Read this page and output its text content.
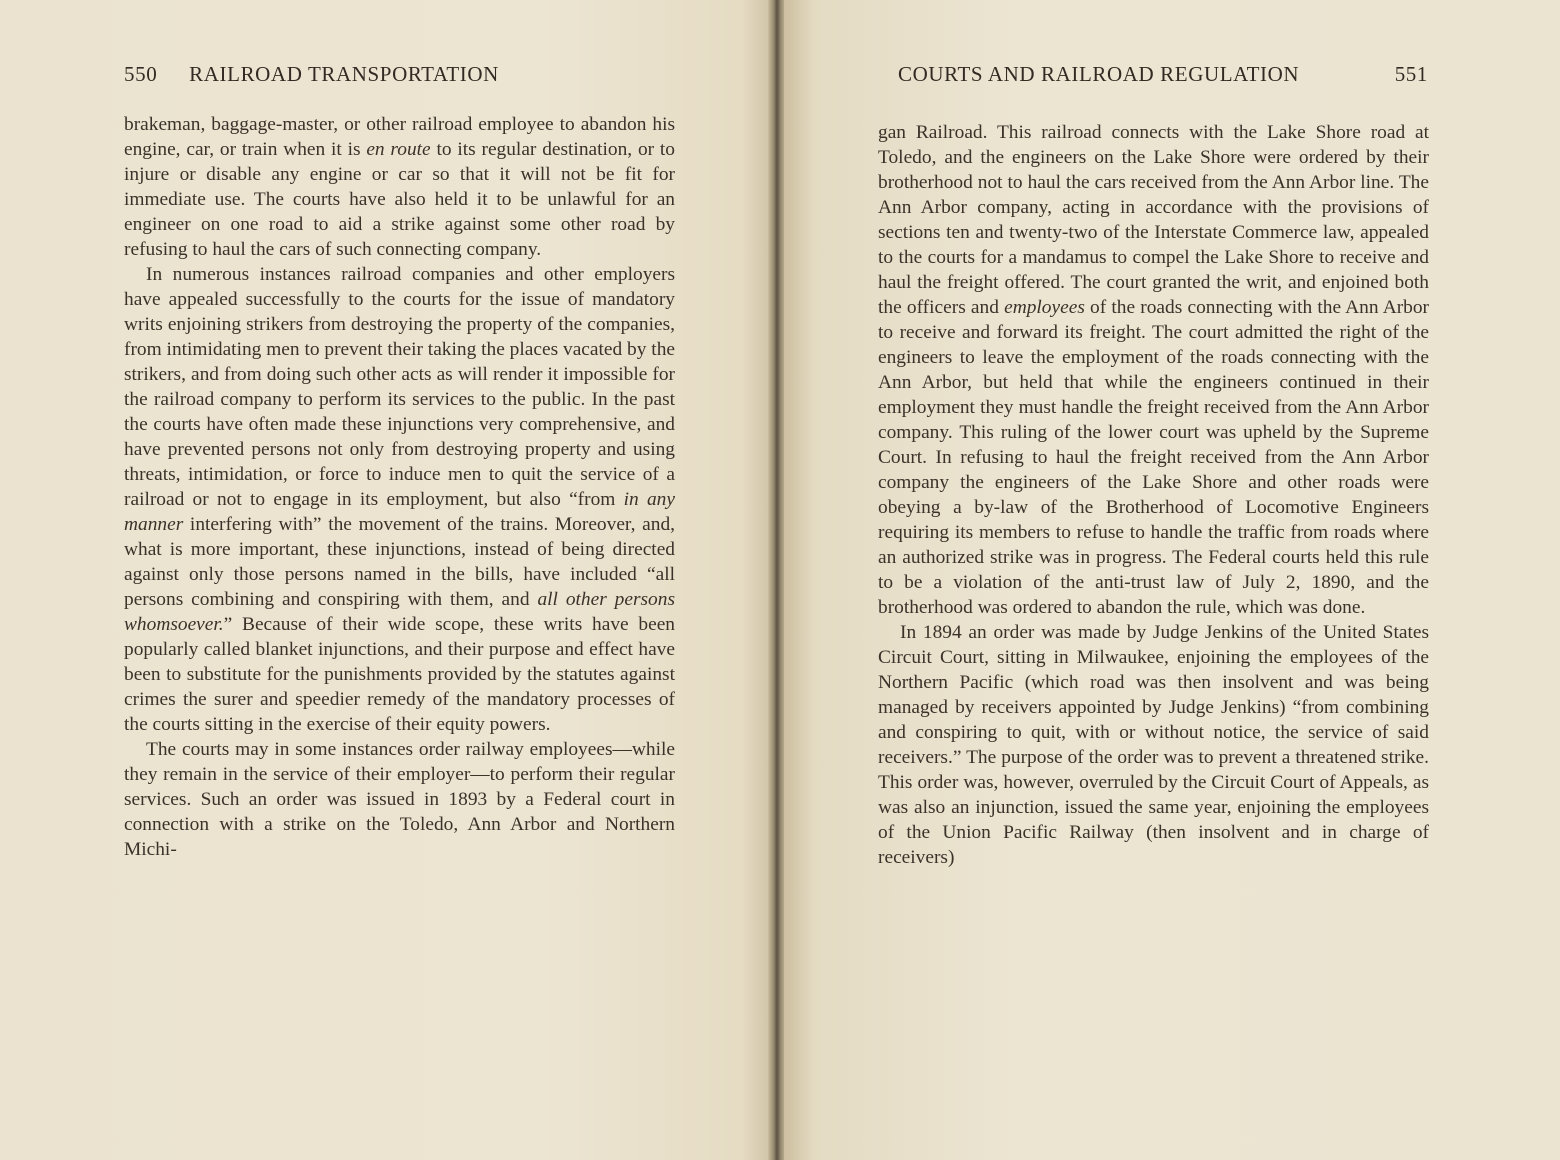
550 RAILROAD TRANSPORTATION

brakeman, baggage-master, or other railroad employee to abandon his engine, car, or train when it is en route to its regular destination, or to injure or disable any engine or car so that it will not be fit for immediate use. The courts have also held it to be unlawful for an engineer on one road to aid a strike against some other road by refusing to haul the cars of such connecting company.

In numerous instances railroad companies and other employers have appealed successfully to the courts for the issue of mandatory writs enjoining strikers from destroying the property of the companies, from intimidating men to prevent their taking the places vacated by the strikers, and from doing such other acts as will render it impossible for the railroad company to perform its services to the public. In the past the courts have often made these injunctions very comprehensive, and have prevented persons not only from destroying property and using threats, intimidation, or force to induce men to quit the service of a railroad or not to engage in its employment, but also “from in any manner interfering with” the movement of the trains. Moreover, and, what is more important, these injunctions, instead of being directed against only those persons named in the bills, have included “all persons combining and conspiring with them, and all other persons whomsoever.” Because of their wide scope, these writs have been popularly called blanket injunctions, and their purpose and effect have been to substitute for the punishments provided by the statutes against crimes the surer and speedier remedy of the mandatory processes of the courts sitting in the exercise of their equity powers.

The courts may in some instances order railway employees—while they remain in the service of their employer—to perform their regular services. Such an order was issued in 1893 by a Federal court in connection with a strike on the Toledo, Ann Arbor and Northern Michi-

COURTS AND RAILROAD REGULATION	551

gan Railroad. This railroad connects with the Lake Shore road at Toledo, and the engineers on the Lake Shore were ordered by their brotherhood not to haul the cars received from the Ann Arbor line. The Ann Arbor company, acting in accordance with the provisions of sections ten and twenty-two of the Interstate Commerce law, appealed to the courts for a mandamus to compel the Lake Shore to receive and haul the freight offered. The court granted the writ, and enjoined both the officers and employees of the roads connecting with the Ann Arbor to receive and forward its freight. The court admitted the right of the engineers to leave the employment of the roads connecting with the Ann Arbor, but held that while the engineers continued in their employment they must handle the freight received from the Ann Arbor company. This ruling of the lower court was upheld by the Supreme Court. In refusing to haul the freight received from the Ann Arbor company the engineers of the Lake Shore and other roads were obeying a by-law of the Brotherhood of Locomotive Engineers requiring its members to refuse to handle the traffic from roads where an authorized strike was in progress. The Federal courts held this rule to be a violation of the anti-trust law of July 2, 1890, and the brotherhood was ordered to abandon the rule, which was done.

In 1894 an order was made by Judge Jenkins of the United States Circuit Court, sitting in Milwaukee, enjoining the employees of the Northern Pacific (which road was then insolvent and was being managed by receivers appointed by Judge Jenkins) “from combining and conspiring to quit, with or without notice, the service of said receivers.” The purpose of the order was to prevent a threatened strike. This order was, however, overruled by the Circuit Court of Appeals, as was also an injunction, issued the same year, enjoining the employees of the Union Pacific Railway (then insolvent and in charge of receivers)
